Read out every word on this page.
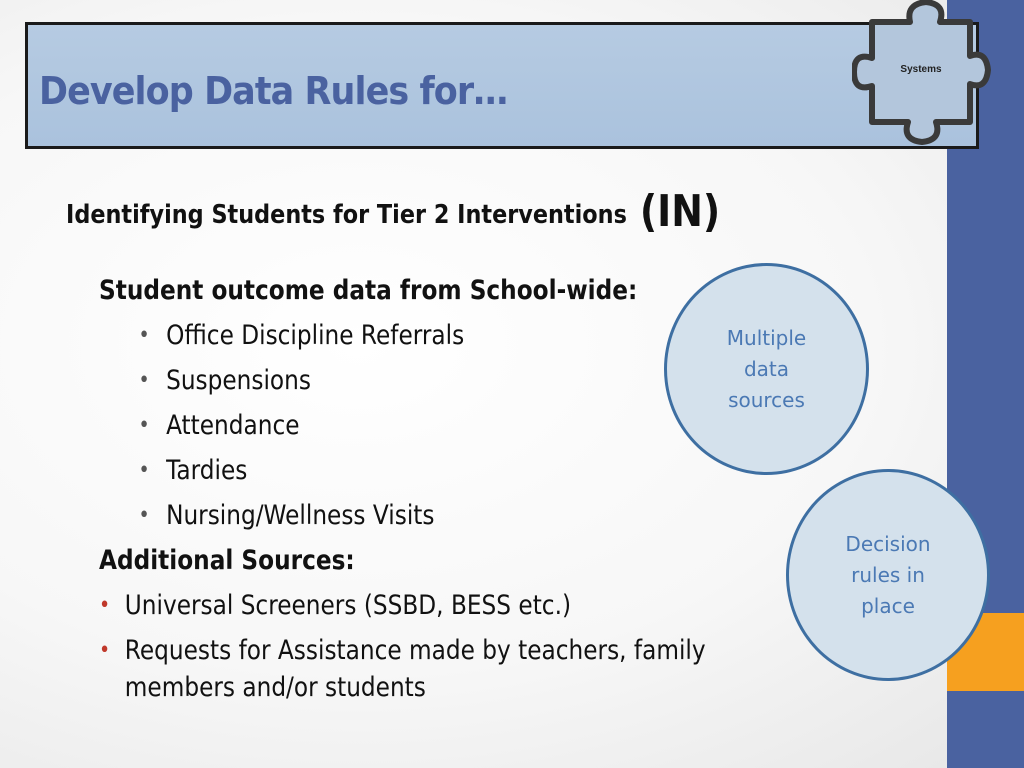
Develop Data Rules for…	Systems
Identifying Students for Tier 2 Interventions (IN)
Student outcome data from School-wide:
• Office Discipline Referrals
• Suspensions
• Attendance
• Tardies
• Nursing/Wellness Visits
Additional Sources:
• Universal Screeners (SSBD, BESS etc.)
• Requests for Assistance made by teachers, family members and/or students
Multiple
data
sources
Decision
rules in
place
